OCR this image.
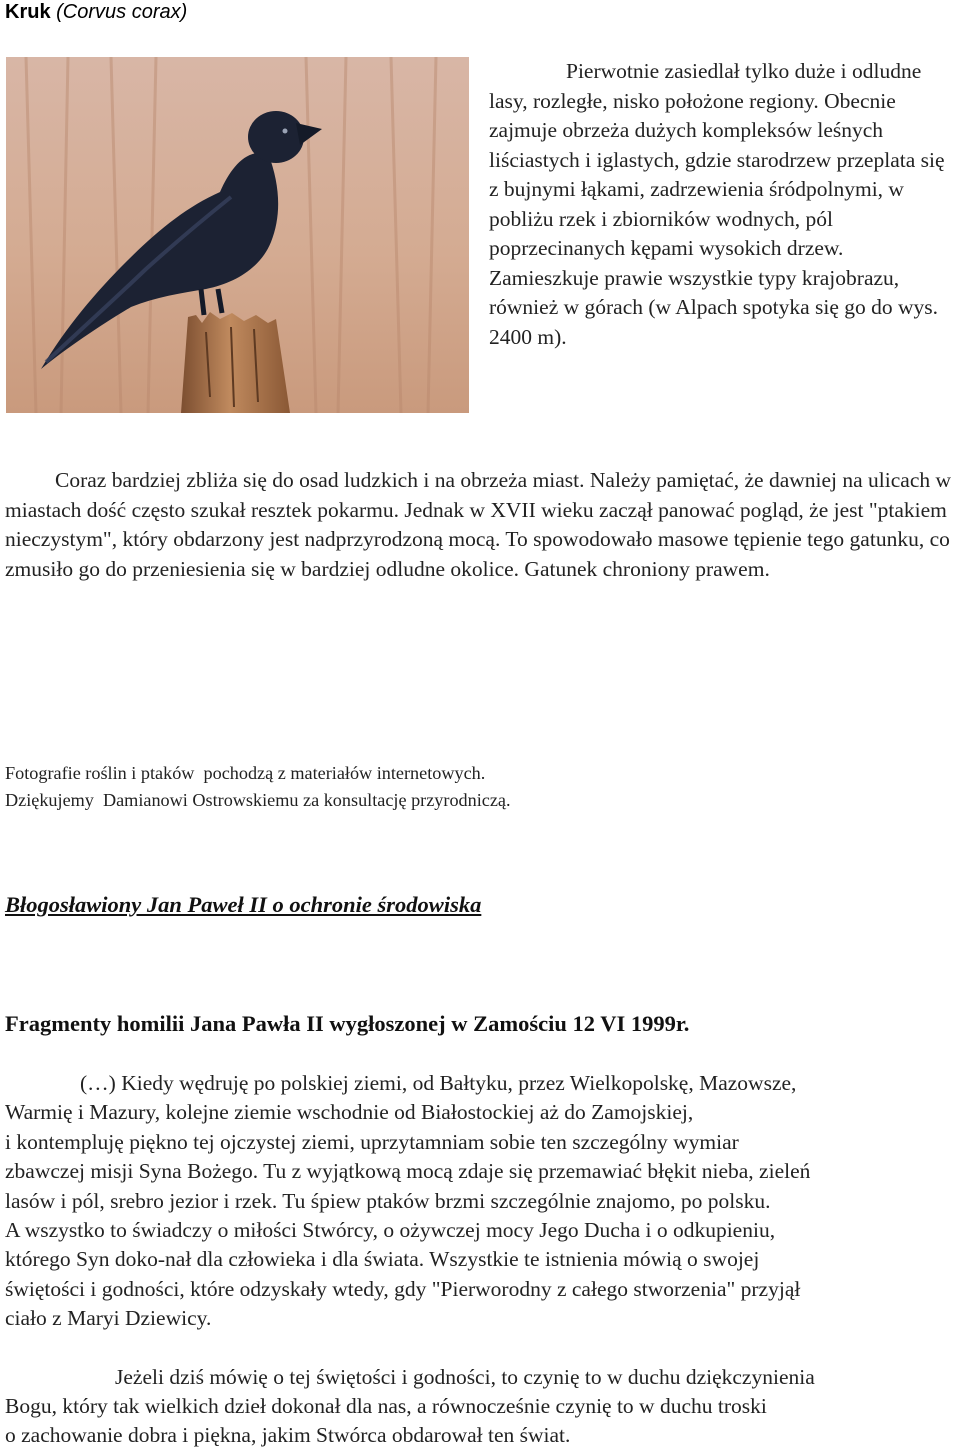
Kruk (Corvus corax)
Pierwotnie zasiedlał tylko duże i odludne lasy, rozległe, nisko położone regiony. Obecnie zajmuje obrzeża dużych kompleksów leśnych liściastych i iglastych, gdzie starodrzew przeplata się z bujnymi łąkami, zadrzewienia śródpolnymi, w pobliżu rzek i zbiorników wodnych, pól poprzecinanych kępami wysokich drzew. Zamieszkuje prawie wszystkie typy krajobrazu, również w górach (w Alpach spotyka się go do wys. 2400 m).
Coraz bardziej zbliża się do osad ludzkich i na obrzeża miast. Należy pamiętać, że dawniej na ulicach w miastach dość często szukał resztek pokarmu. Jednak w XVII wieku zaczął panować pogląd, że jest "ptakiem nieczystym", który obdarzony jest nadprzyrodzoną mocą. To spowodowało masowe tępienie tego gatunku, co zmusiło go do przeniesienia się w bardziej odludne okolice. Gatunek chroniony prawem.
Fotografie roślin i ptaków  pochodzą z materiałów internetowych.
Dziękujemy  Damianowi Ostrowskiemu za konsultację przyrodniczą.
Błogosławiony Jan Paweł II o ochronie środowiska
Fragmenty homilii Jana Pawła II wygłoszonej w Zamościu 12 VI 1999r.
(…) Kiedy wędruję po polskiej ziemi, od Bałtyku, przez Wielkopolskę, Mazowsze,
Warmię i Mazury, kolejne ziemie wschodnie od Białostockiej aż do Zamojskiej,
i kontempluję piękno tej ojczystej ziemi, uprzytamniam sobie ten szczególny wymiar
zbawczej misji Syna Bożego. Tu z wyjątkową mocą zdaje się przemawiać błękit nieba, zieleń
lasów i pól, srebro jezior i rzek. Tu śpiew ptaków brzmi szczególnie znajomo, po polsku.
A wszystko to świadczy o miłości Stwórcy, o ożywczej mocy Jego Ducha i o odkupieniu,
którego Syn doko-nał dla człowieka i dla świata. Wszystkie te istnienia mówią o swojej
świętości i godności, które odzyskały wtedy, gdy "Pierworodny z całego stworzenia" przyjął
ciało z Maryi Dziewicy.
Jeżeli dziś mówię o tej świętości i godności, to czynię to w duchu dziękczynienia
Bogu, który tak wielkich dzieł dokonał dla nas, a równocześnie czynię to w duchu troski
o zachowanie dobra i piękna, jakim Stwórca obdarował ten świat.
